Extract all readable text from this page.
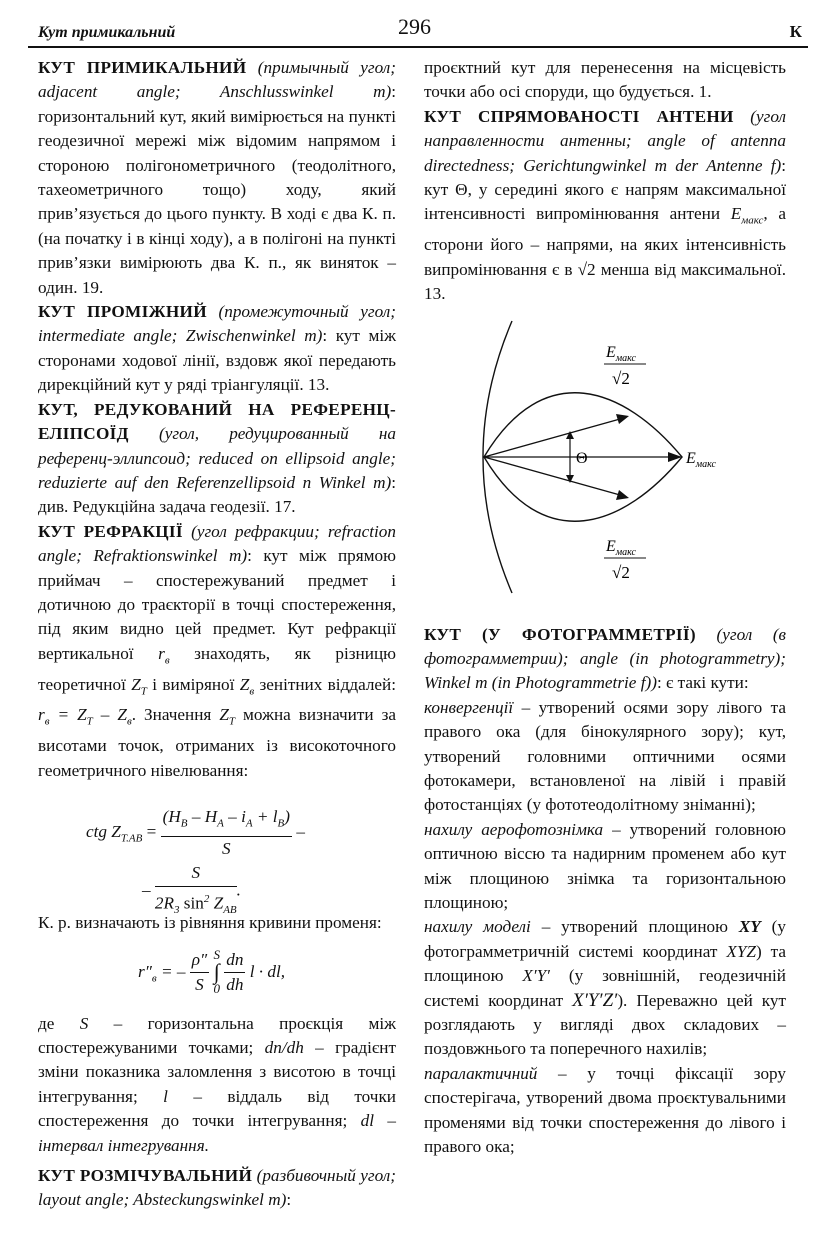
Кут примикальний	296	К

КУТ ПРИМИКАЛЬНИЙ (примычный угол; adjacent angle; Anschlusswinkel m): горизонтальний кут, який вимірюється на пункті геодезичної мережі між відомим напрямом і стороною полігонометричного (теодолітного, тахеометричного тощо) ходу, який прив’язується до цього пункту. В ході є два К. п. (на початку і в кінці ходу), а в полігоні на пункті прив’язки вимірюють два К. п., як виняток – один. 19.

КУТ ПРОМІЖНИЙ (промежуточный угол; intermediate angle; Zwischenwinkel m): кут між сторонами ходової лінії, вздовж якої передають дирекційний кут у ряді тріангуляції. 13.

КУТ, РЕДУКОВАНИЙ НА РЕФЕРЕНЦ-ЕЛІПСОЇД (угол, редуцированный на референц-эллипсоид; reduced on ellipsoid angle; reduzierte auf den Referenzellipsoid n Winkel m): див. Редукційна задача геодезії. 17.

КУТ РЕФРАКЦІЇ (угол рефракции; refraction angle; Refraktionswinkel m): кут між прямою приймач – спостережуваний предмет і дотичною до траєкторії в точці спостереження, під яким видно цей предмет. Кут рефракції вертикальної $r_в$ знаходять, як різницю теоретичної $Z_T$ і виміряної $Z_в$ зенітних віддалей: $r_в = Z_T - Z_в$. Значення $Z_T$ можна визначити за висотами точок, отриманих із високоточного геометричного нівелювання:

ctg $Z_{T.AB} = \frac{(H_B - H_A - i_A + l_B)}{S}$ –
– $\frac{S}{2R_3 \sin^2 Z_{AB}}$ .

К. р. визначають із рівняння кривини променя:

$r''_в$ = – $\frac{\rho''}{S}$
S
∫
0
$\frac{dn}{dh}$ l · dl,

де S – горизонтальна проєкція між спостережуваними точками; dn/dh – градієнт зміни показника заломлення з висотою в точці інтегрування; l – віддаль від точки спостереження до точки інтегрування; dl – інтервал інтегрування.

КУТ РОЗМІЧУВАЛЬНИЙ (разбивочный угол; layout angle; Absteckungswinkel m):

проєктний кут для перенесення на місцевість точки або осі споруди, що будується. 1.

КУТ СПРЯМОВАНОСТІ АНТЕНИ (угол направленности антенны; angle of antenna directedness; Gerichtungwinkel m der Antenne f): кут Θ, у середині якого є напрям максимальної інтенсивності випромінювання антени $E_{макс}$, а сторони його – напрями, на яких інтенсивність випромінювання є в √2 менша від максимальної. 13.

Θ	$E_{макс}$
$E_{макс}$
√2
$E_{макс}$
√2

КУТ (У ФОТОГРАММЕТРІЇ) (угол (в фотограмметрии); angle (in photogrammetry); Winkel m (in Photogrammetrie f)): є такі кути:

конвергенції – утворений осями зору лівого та правого ока (для бінокулярного зору); кут, утворений головними оптичними осями фотокамери, встановленої на лівій і правій фотостанціях (у фототеодолітному зніманні);

нахилу аерофотознімка – утворений головною оптичною віссю та надирним променем або кут між площиною знімка та горизонтальною площиною;

нахилу моделі – утворений площиною XY (у фотограмметричній системі координат XYZ) та площиною X′Y′ (у зовнішній, геодезичній системі координат X′Y′Z′). Переважно цей кут розглядають у вигляді двох складових – поздовжнього та поперечного нахилів;

паралактичний – у точці фіксації зору спостерігача, утворений двома проєктувальними променями від точки спостереження до лівого і правого ока;
